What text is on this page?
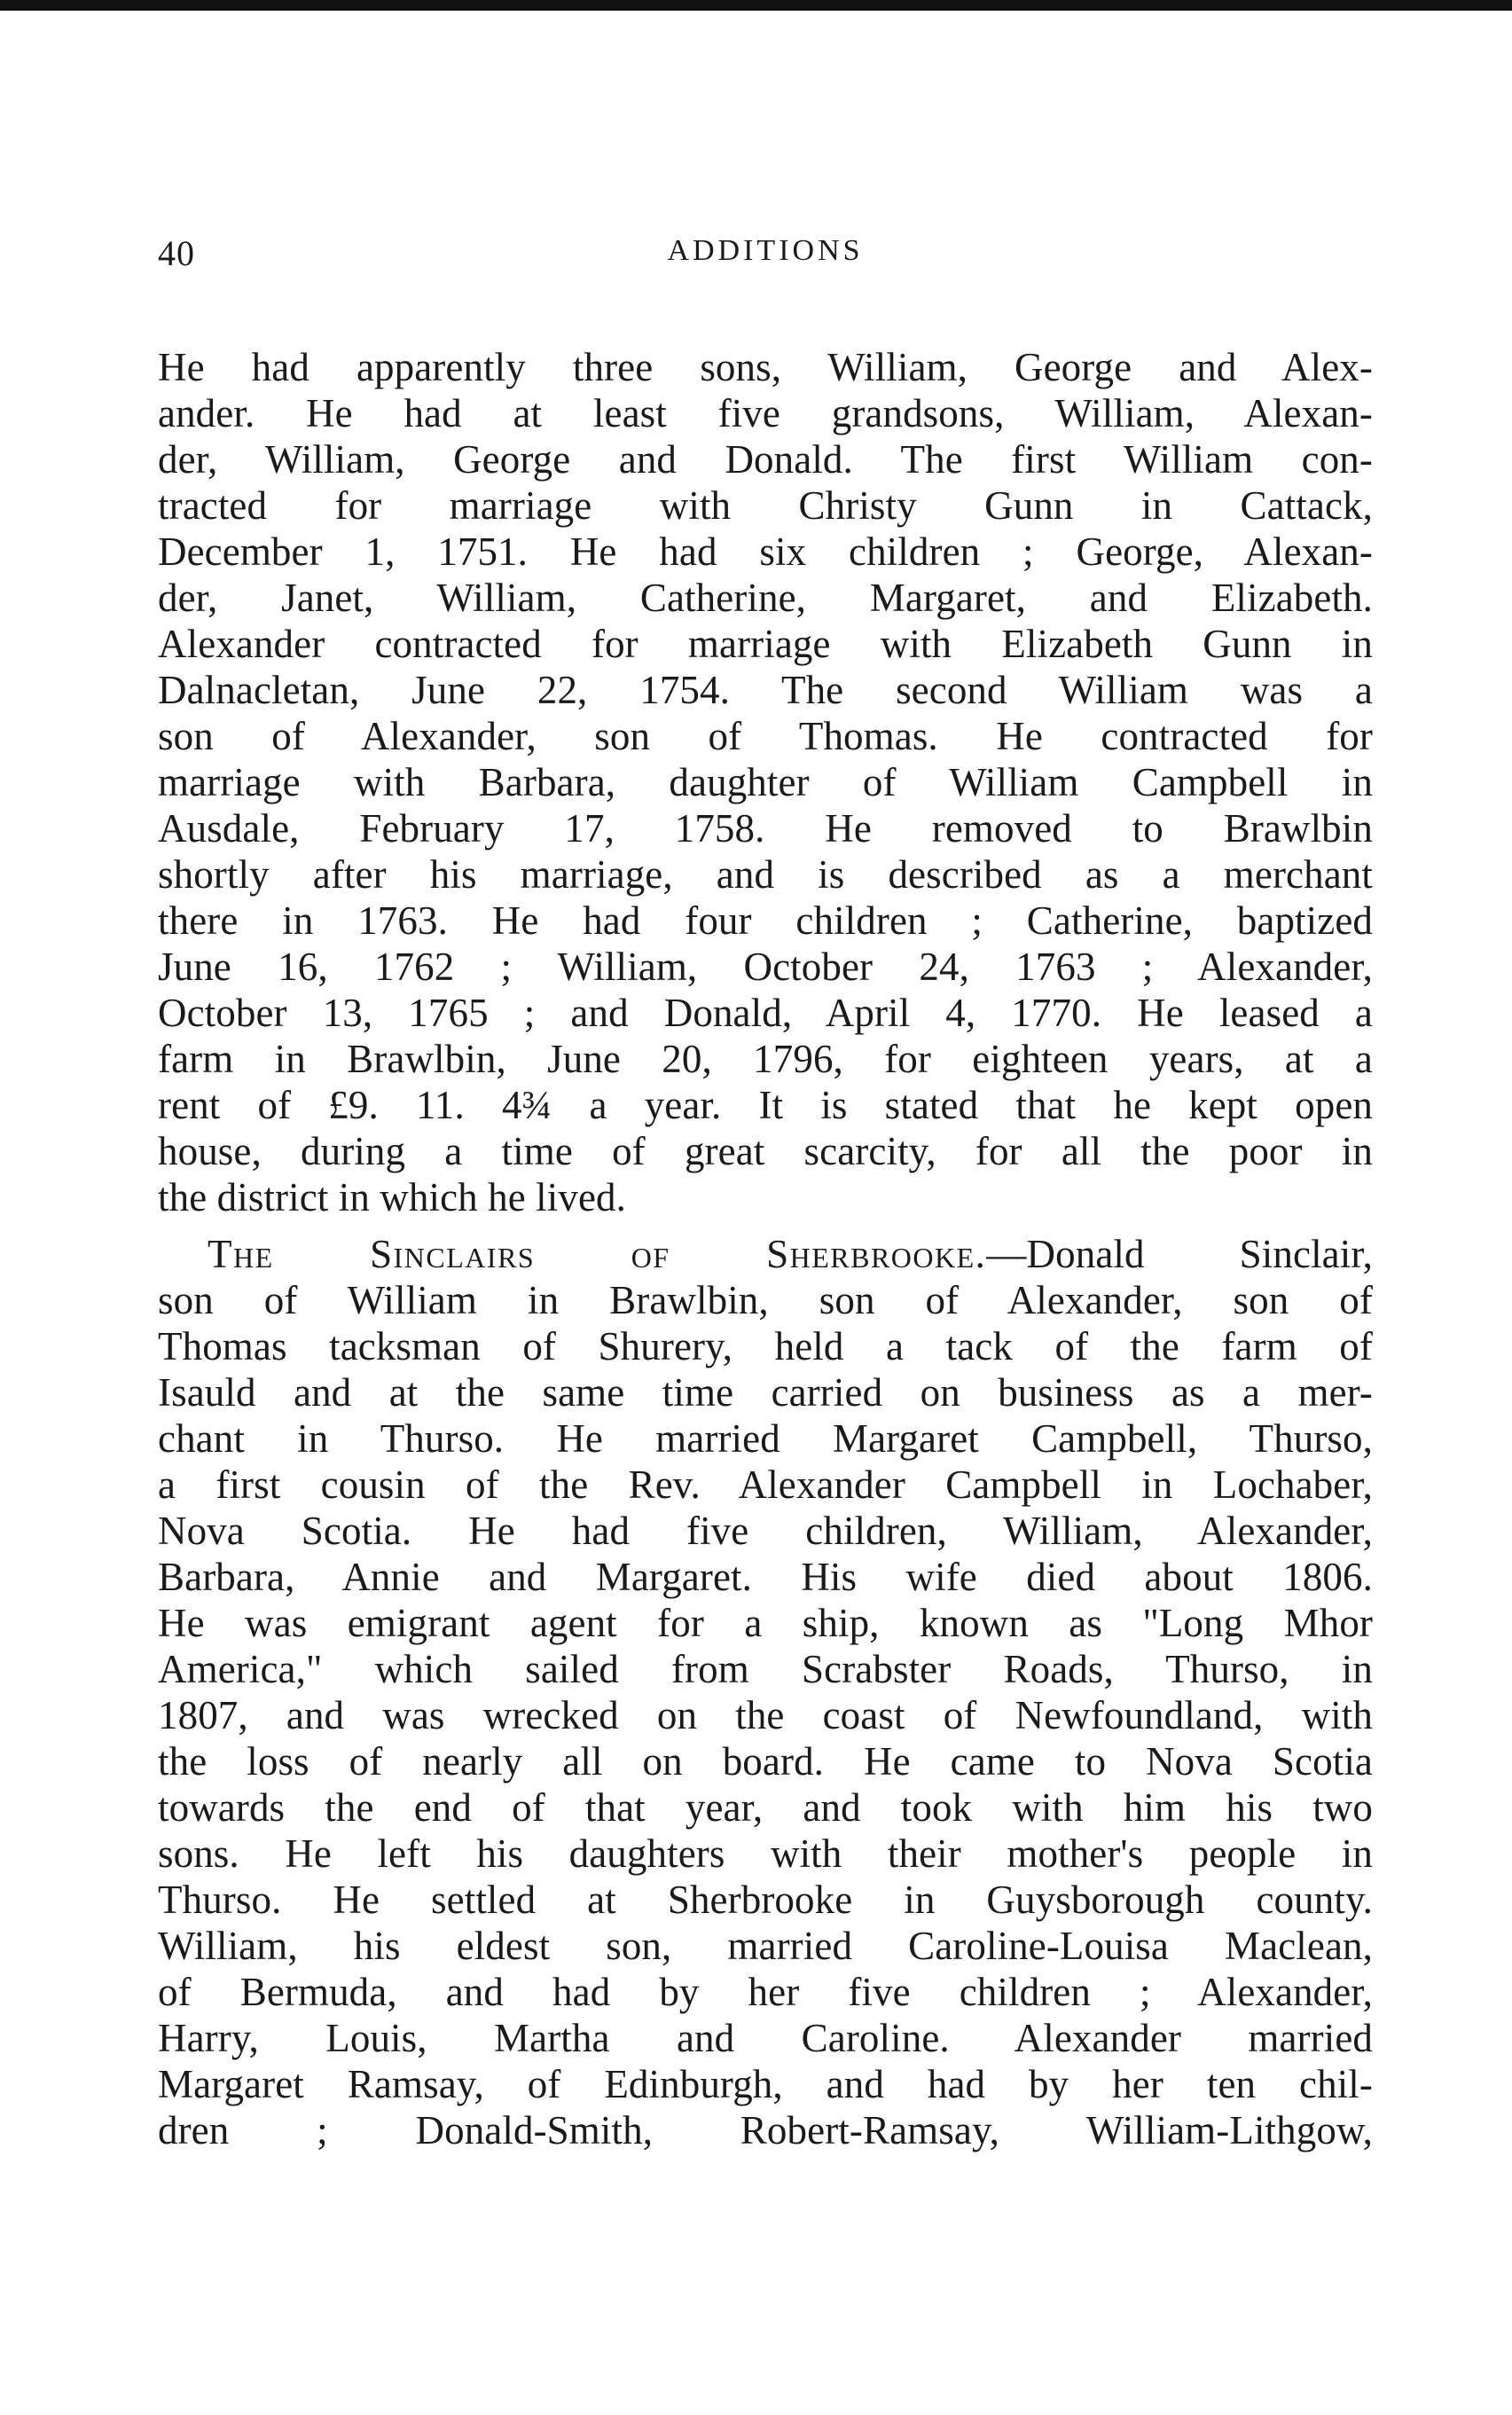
40	ADDITIONS
He had apparently three sons, William, George and Alex-
ander. He had at least five grandsons, William, Alexan-
der, William, George and Donald. The first William con-
tracted for marriage with Christy Gunn in Cattack,
December 1, 1751. He had six children ; George, Alexan-
der, Janet, William, Catherine, Margaret, and Elizabeth.
Alexander contracted for marriage with Elizabeth Gunn in
Dalnacletan, June 22, 1754. The second William was a
son of Alexander, son of Thomas. He contracted for
marriage with Barbara, daughter of William Campbell in
Ausdale, February 17, 1758. He removed to Brawlbin
shortly after his marriage, and is described as a merchant
there in 1763. He had four children ; Catherine, baptized
June 16, 1762 ; William, October 24, 1763 ; Alexander,
October 13, 1765 ; and Donald, April 4, 1770. He leased a
farm in Brawlbin, June 20, 1796, for eighteen years, at a
rent of £9. 11. 4¾ a year. It is stated that he kept open
house, during a time of great scarcity, for all the poor in
the district in which he lived.
The Sinclairs of Sherbrooke.—Donald Sinclair,
son of William in Brawlbin, son of Alexander, son of
Thomas tacksman of Shurery, held a tack of the farm of
Isauld and at the same time carried on business as a mer-
chant in Thurso. He married Margaret Campbell, Thurso,
a first cousin of the Rev. Alexander Campbell in Lochaber,
Nova Scotia. He had five children, William, Alexander,
Barbara, Annie and Margaret. His wife died about 1806.
He was emigrant agent for a ship, known as "Long Mhor
America," which sailed from Scrabster Roads, Thurso, in
1807, and was wrecked on the coast of Newfoundland, with
the loss of nearly all on board. He came to Nova Scotia
towards the end of that year, and took with him his two
sons. He left his daughters with their mother's people in
Thurso. He settled at Sherbrooke in Guysborough county.
William, his eldest son, married Caroline-Louisa Maclean,
of Bermuda, and had by her five children ; Alexander,
Harry, Louis, Martha and Caroline. Alexander married
Margaret Ramsay, of Edinburgh, and had by her ten chil-
dren ; Donald-Smith, Robert-Ramsay, William-Lithgow,
